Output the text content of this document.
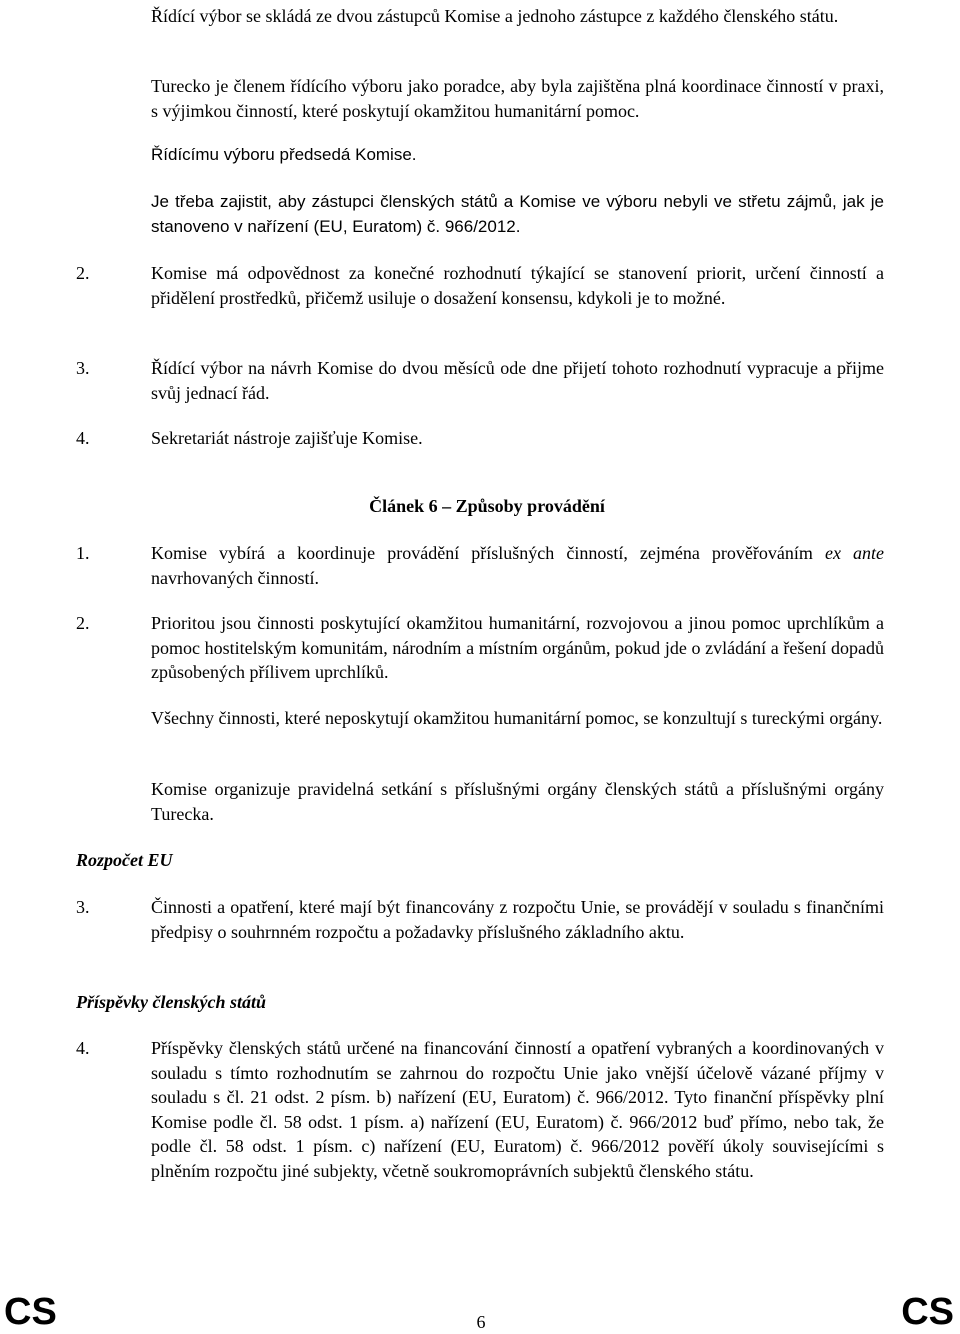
Řídící výbor se skládá ze dvou zástupců Komise a jednoho zástupce z každého členského státu.

Turecko je členem řídícího výboru jako poradce, aby byla zajištěna plná koordinace činností v praxi, s výjimkou činností, které poskytují okamžitou humanitární pomoc.

Řídícímu výboru předsedá Komise.

Je třeba zajistit, aby zástupci členských států a Komise ve výboru nebyli ve střetu zájmů, jak je stanoveno v nařízení (EU, Euratom) č. 966/2012.

2.	Komise má odpovědnost za konečné rozhodnutí týkající se stanovení priorit, určení činností a přidělení prostředků, přičemž usiluje o dosažení konsensu, kdykoli je to možné.

3.	Řídící výbor na návrh Komise do dvou měsíců ode dne přijetí tohoto rozhodnutí vypracuje a přijme svůj jednací řád.

4.	Sekretariát nástroje zajišťuje Komise.

Článek 6 – Způsoby provádění
1.	Komise vybírá a koordinuje provádění příslušných činností, zejména prověřováním ex ante navrhovaných činností.

2.	Prioritou jsou činnosti poskytující okamžitou humanitární, rozvojovou a jinou pomoc uprchlíkům a pomoc hostitelským komunitám, národním a místním orgánům, pokud jde o zvládání a řešení dopadů způsobených přílivem uprchlíků.

Všechny činnosti, které neposkytují okamžitou humanitární pomoc, se konzultují s tureckými orgány.

Komise organizuje pravidelná setkání s příslušnými orgány členských států a příslušnými orgány Turecka.

Rozpočet EU
3.	Činnosti a opatření, které mají být financovány z rozpočtu Unie, se provádějí v souladu s finančními předpisy o souhrnném rozpočtu a požadavky příslušného základního aktu.

Příspěvky členských států
4.	Příspěvky členských států určené na financování činností a opatření vybraných a koordinovaných v souladu s tímto rozhodnutím se zahrnou do rozpočtu Unie jako vnější účelově vázané příjmy v souladu s čl. 21 odst. 2 písm. b) nařízení (EU, Euratom) č. 966/2012. Tyto finanční příspěvky plní Komise podle čl. 58 odst. 1 písm. a) nařízení (EU, Euratom) č. 966/2012 buď přímo, nebo tak, že podle čl. 58 odst. 1 písm. c) nařízení (EU, Euratom) č. 966/2012 pověří úkoly souvisejícími s plněním rozpočtu jiné subjekty, včetně soukromoprávních subjektů členského státu.

CS	6	CS
